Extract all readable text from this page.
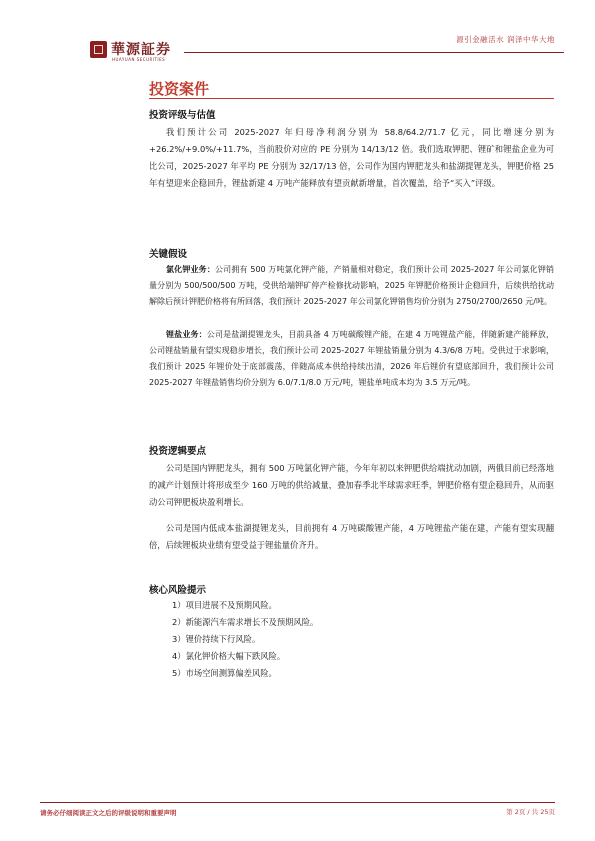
華源証券
HUAYUAN SECURITIES
源引金融活水 润泽中华大地
投资案件
投资评级与估值

我们预计公司 2025-2027 年归母净利润分别为 58.8/64.2/71.7 亿元，同比增速分别为+26.2%/+9.0%/+11.7%，当前股价对应的 PE 分别为 14/13/12 倍。我们选取钾肥、锂矿和锂盐企业为可比公司，2025-2027 年平均 PE 分别为 32/17/13 倍，公司作为国内钾肥龙头和盐湖提锂龙头，钾肥价格 25 年有望迎来企稳回升，锂盐新建 4 万吨产能释放有望贡献新增量，首次覆盖，给予“买入”评级。

关键假设

氯化钾业务：公司拥有 500 万吨氯化钾产能，产销量相对稳定，我们预计公司 2025-2027 年公司氯化钾销量分别为 500/500/500 万吨，受供给端钾矿停产检修扰动影响，2025 年钾肥价格预计企稳回升，后续供给扰动解除后预计钾肥价格将有所回落，我们预计 2025-2027 年公司氯化钾销售均价分别为 2750/2700/2650 元/吨。

锂盐业务：公司是盐湖提锂龙头，目前具备 4 万吨碳酸锂产能，在建 4 万吨锂盐产能，伴随新建产能释放，公司锂盐销量有望实现稳步增长，我们预计公司 2025-2027 年锂盐销量分别为 4.3/6/8 万吨。受供过于求影响，我们预计 2025 年锂价处于底部震荡，伴随高成本供给持续出清，2026 年后锂价有望底部回升，我们预计公司 2025-2027 年锂盐销售均价分别为 6.0/7.1/8.0 万元/吨，锂盐单吨成本均为 3.5 万元/吨。

投资逻辑要点

公司是国内钾肥龙头，拥有 500 万吨氯化钾产能，今年年初以来钾肥供给端扰动加剧，两俄目前已经落地的减产计划预计将形成至少 160 万吨的供给减量，叠加春季北半球需求旺季，钾肥价格有望企稳回升，从而驱动公司钾肥板块盈利增长。

公司是国内低成本盐湖提锂龙头，目前拥有 4 万吨碳酸锂产能，4 万吨锂盐产能在建，产能有望实现翻倍，后续锂板块业绩有望受益于锂盐量价齐升。

核心风险提示
1）项目进展不及预期风险。
2）新能源汽车需求增长不及预期风险。
3）锂价持续下行风险。
4）氯化钾价格大幅下跌风险。
5）市场空间测算偏差风险。
请务必仔细阅读正文之后的评级说明和重要声明	第 2页 / 共 25页
